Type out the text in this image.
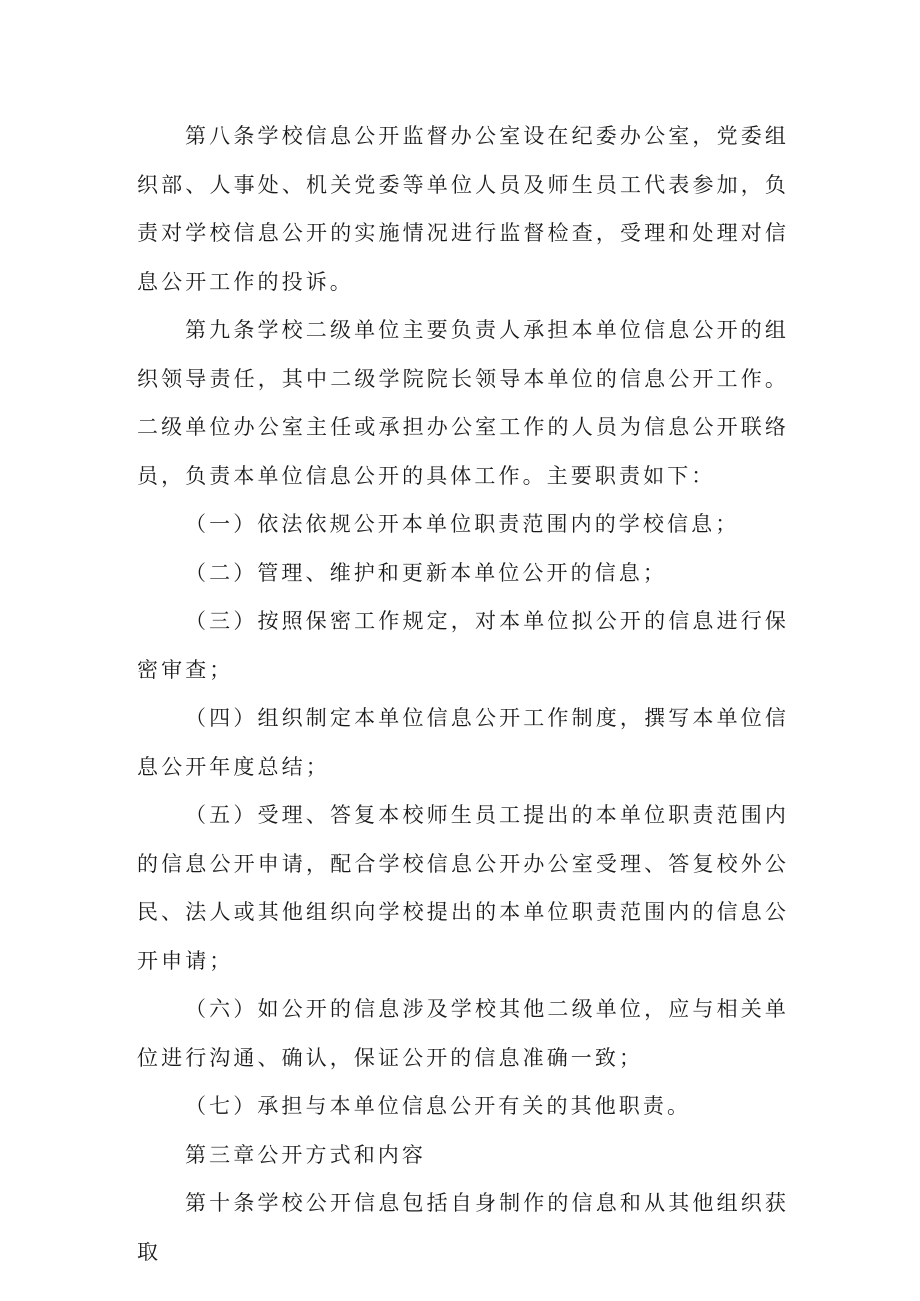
第八条学校信息公开监督办公室设在纪委办公室，党委组织部、人事处、机关党委等单位人员及师生员工代表参加，负责对学校信息公开的实施情况进行监督检查，受理和处理对信息公开工作的投诉。

第九条学校二级单位主要负责人承担本单位信息公开的组织领导责任，其中二级学院院长领导本单位的信息公开工作。二级单位办公室主任或承担办公室工作的人员为信息公开联络员，负责本单位信息公开的具体工作。主要职责如下：

（一）依法依规公开本单位职责范围内的学校信息；

（二）管理、维护和更新本单位公开的信息；

（三）按照保密工作规定，对本单位拟公开的信息进行保密审查；

（四）组织制定本单位信息公开工作制度，撰写本单位信息公开年度总结；

（五）受理、答复本校师生员工提出的本单位职责范围内的信息公开申请，配合学校信息公开办公室受理、答复校外公民、法人或其他组织向学校提出的本单位职责范围内的信息公开申请；

（六）如公开的信息涉及学校其他二级单位，应与相关单位进行沟通、确认，保证公开的信息准确一致；

（七）承担与本单位信息公开有关的其他职责。

第三章公开方式和内容

第十条学校公开信息包括自身制作的信息和从其他组织获取
